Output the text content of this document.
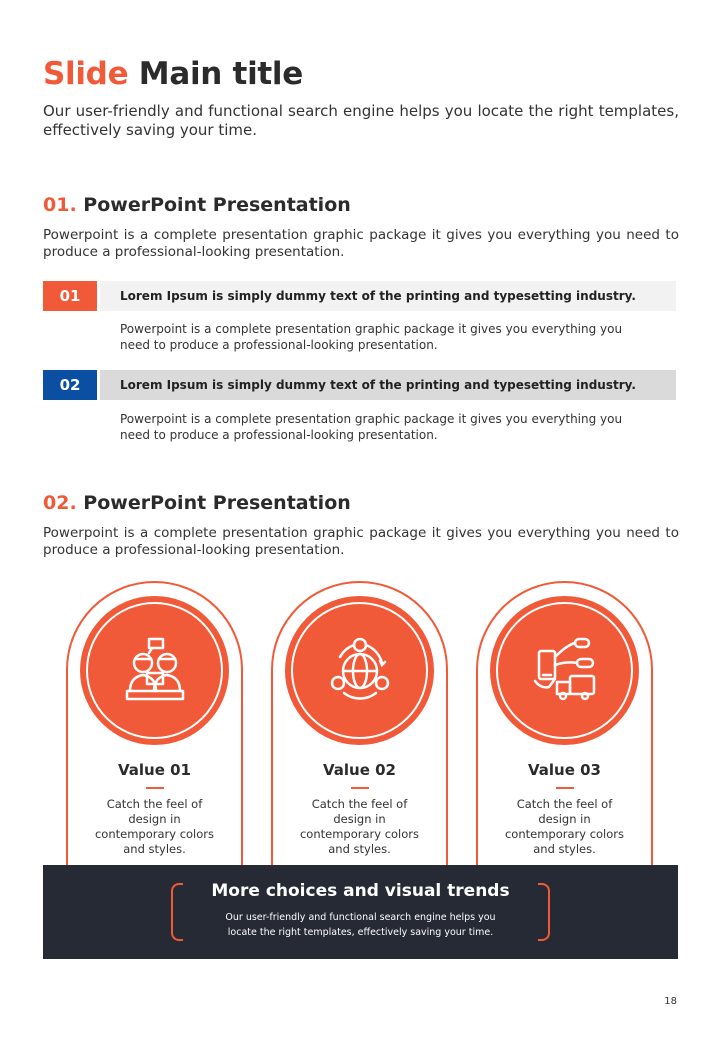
Slide Main title
Our user-friendly and functional search engine helps you locate the right templates, effectively saving your time.
01. PowerPoint Presentation
Powerpoint is a complete presentation graphic package it gives you everything you need to produce a professional-looking presentation.
01	Lorem Ipsum is simply dummy text of the printing and typesetting industry.
Powerpoint is a complete presentation graphic package it gives you everything you need to produce a professional-looking presentation.
02	Lorem Ipsum is simply dummy text of the printing and typesetting industry.
Powerpoint is a complete presentation graphic package it gives you everything you need to produce a professional-looking presentation.
02. PowerPoint Presentation
Powerpoint is a complete presentation graphic package it gives you everything you need to produce a professional-looking presentation.
Value 01
Catch the feel of design in contemporary colors and styles.
Value 02
Catch the feel of design in contemporary colors and styles.
Value 03
Catch the feel of design in contemporary colors and styles.
More choices and visual trends
Our user-friendly and functional search engine helps you locate the right templates, effectively saving your time.
18
